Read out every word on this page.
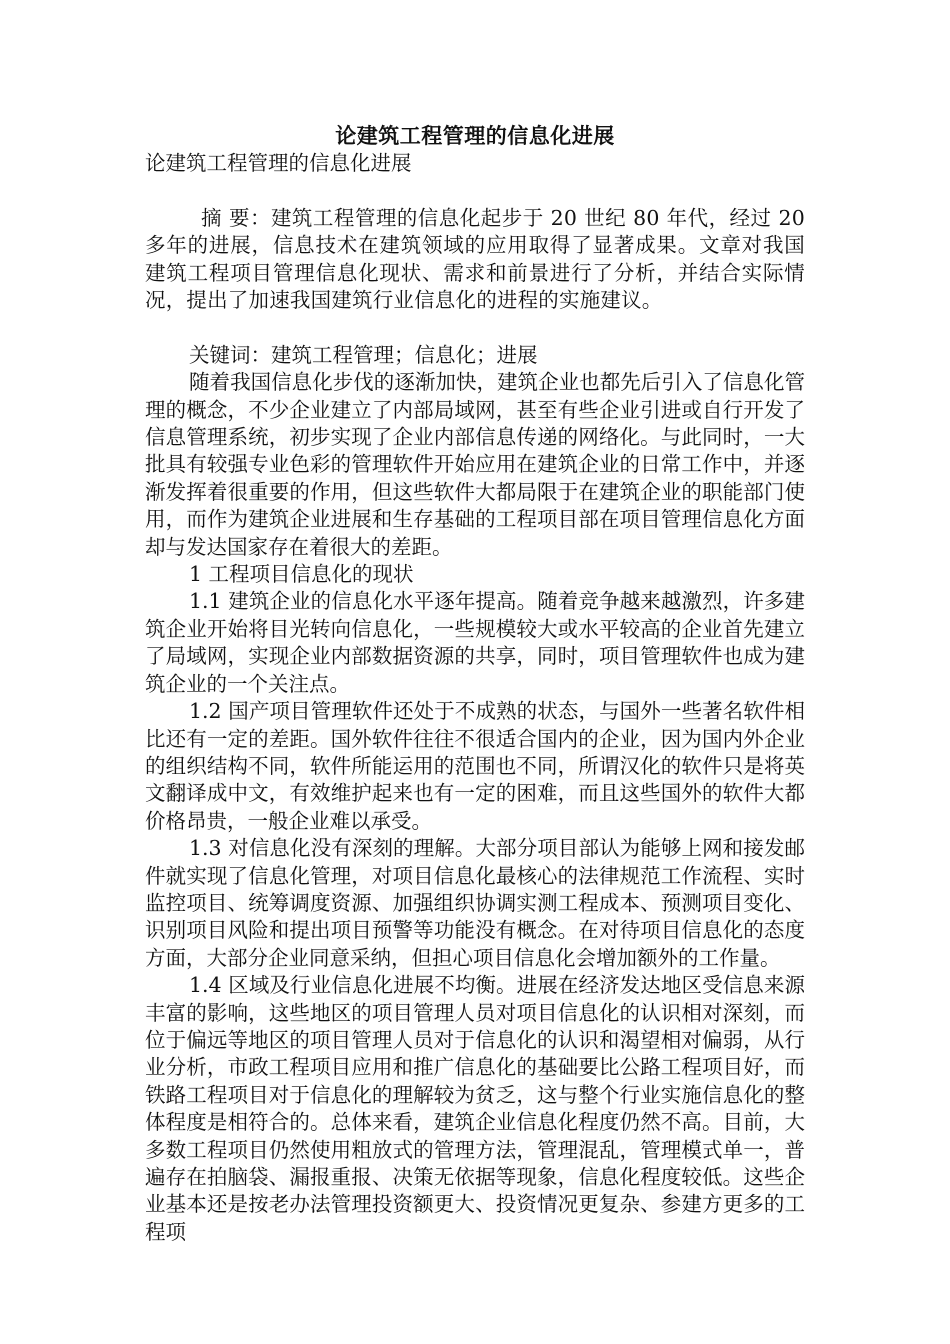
论建筑工程管理的信息化进展

论建筑工程管理的信息化进展

摘 要：建筑工程管理的信息化起步于 20 世纪 80 年代，经过 20 多年的进展，信息技术在建筑领域的应用取得了显著成果。文章对我国建筑工程项目管理信息化现状、需求和前景进行了分析，并结合实际情况，提出了加速我国建筑行业信息化的进程的实施建议。

关键词：建筑工程管理；信息化；进展

随着我国信息化步伐的逐渐加快，建筑企业也都先后引入了信息化管理的概念，不少企业建立了内部局域网，甚至有些企业引进或自行开发了信息管理系统，初步实现了企业内部信息传递的网络化。与此同时，一大批具有较强专业色彩的管理软件开始应用在建筑企业的日常工作中，并逐渐发挥着很重要的作用，但这些软件大都局限于在建筑企业的职能部门使用，而作为建筑企业进展和生存基础的工程项目部在项目管理信息化方面却与发达国家存在着很大的差距。

1 工程项目信息化的现状

1.1 建筑企业的信息化水平逐年提高。随着竞争越来越激烈，许多建筑企业开始将目光转向信息化，一些规模较大或水平较高的企业首先建立了局域网，实现企业内部数据资源的共享，同时，项目管理软件也成为建筑企业的一个关注点。

1.2 国产项目管理软件还处于不成熟的状态，与国外一些著名软件相比还有一定的差距。国外软件往往不很适合国内的企业，因为国内外企业的组织结构不同，软件所能运用的范围也不同，所谓汉化的软件只是将英文翻译成中文，有效维护起来也有一定的困难，而且这些国外的软件大都价格昂贵，一般企业难以承受。

1.3 对信息化没有深刻的理解。大部分项目部认为能够上网和接发邮件就实现了信息化管理，对项目信息化最核心的法律规范工作流程、实时监控项目、统筹调度资源、加强组织协调实测工程成本、预测项目变化、识别项目风险和提出项目预警等功能没有概念。在对待项目信息化的态度方面，大部分企业同意采纳，但担心项目信息化会增加额外的工作量。

1.4 区域及行业信息化进展不均衡。进展在经济发达地区受信息来源丰富的影响，这些地区的项目管理人员对项目信息化的认识相对深刻，而位于偏远等地区的项目管理人员对于信息化的认识和渴望相对偏弱，从行业分析，市政工程项目应用和推广信息化的基础要比公路工程项目好，而铁路工程项目对于信息化的理解较为贫乏，这与整个行业实施信息化的整体程度是相符合的。总体来看，建筑企业信息化程度仍然不高。目前，大多数工程项目仍然使用粗放式的管理方法，管理混乱，管理模式单一，普遍存在拍脑袋、漏报重报、决策无依据等现象，信息化程度较低。这些企业基本还是按老办法管理投资额更大、投资情况更复杂、参建方更多的工程项
